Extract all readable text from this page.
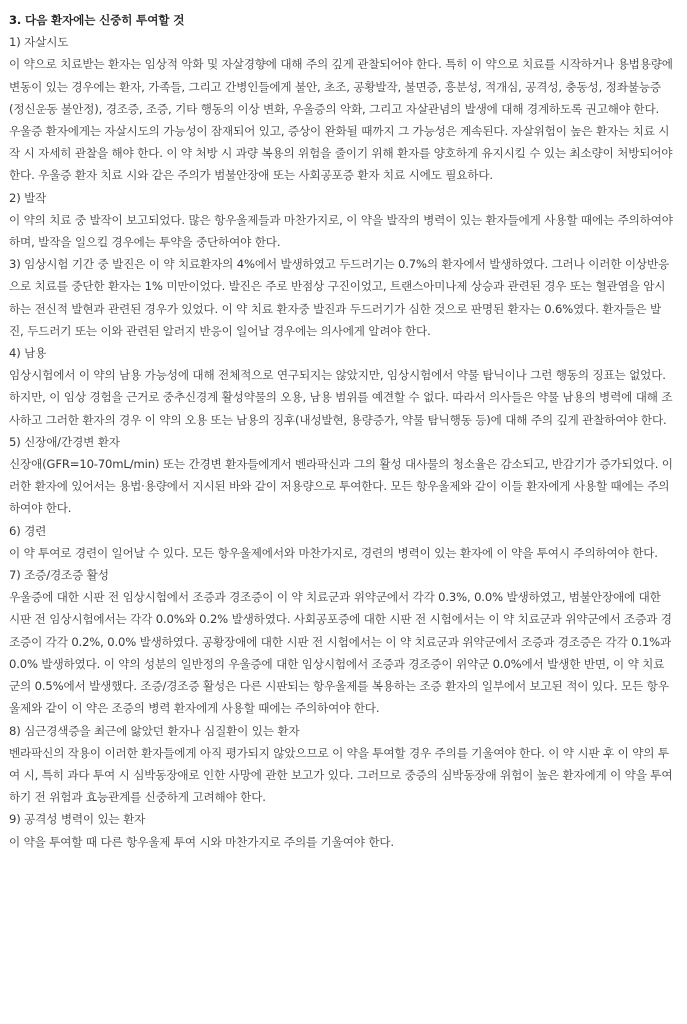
3. 다음 환자에는 신중히 투여할 것

1) 자살시도

이 약으로 치료받는 환자는 임상적 악화 및 자살경향에 대해 주의 깊게 관찰되어야 한다. 특히 이 약으로 치료를 시작하거나 용법용량에 변동이 있는 경우에는 환자, 가족들, 그리고 간병인들에게 불안, 초조, 공황발작, 불면증, 흥분성, 적개심, 공격성, 충동성, 정좌불능증(정신운동 불안정), 경조증, 조증, 기타 행동의 이상 변화, 우울증의 악화, 그리고 자살관념의 발생에 대해 경계하도록 권고해야 한다. 우울증 환자에게는 자살시도의 가능성이 잠재되어 있고, 증상이 완화될 때까지 그 가능성은 계속된다. 자살위험이 높은 환자는 치료 시작 시 자세히 관찰을 해야 한다. 이 약 처방 시 과량 복용의 위험을 줄이기 위해 환자를 양호하게 유지시킬 수 있는 최소량이 처방되어야 한다. 우울증 환자 치료 시와 같은 주의가 범불안장애 또는 사회공포증 환자 치료 시에도 필요하다.

2) 발작

이 약의 치료 중 발작이 보고되었다. 많은 항우울제들과 마찬가지로, 이 약을 발작의 병력이 있는 환자들에게 사용할 때에는 주의하여야 하며, 발작을 일으킬 경우에는 투약을 중단하여야 한다.

3) 임상시험 기간 중 발진은 이 약 치료환자의 4%에서 발생하였고 두드러기는 0.7%의 환자에서 발생하였다. 그러나 이러한 이상반응으로 치료를 중단한 환자는 1% 미만이었다. 발진은 주로 반점상 구진이었고, 트랜스아미나제 상승과 관련된 경우 또는 혈관염을 암시하는 전신적 발현과 관련된 경우가 있었다. 이 약 치료 환자중 발진과 두드러기가 심한 것으로 판명된 환자는 0.6%였다. 환자들은 발진, 두드러기 또는 이와 관련된 알러지 반응이 일어날 경우에는 의사에게 알려야 한다.

4) 남용

임상시험에서 이 약의 남용 가능성에 대해 전체적으로 연구되지는 않았지만, 임상시험에서 약물 탐닉이나 그런 행동의 징표는 없었다. 하지만, 이 임상 경험을 근거로 중추신경계 활성약물의 오용, 남용 범위를 예견할 수 없다. 따라서 의사들은 약물 남용의 병력에 대해 조사하고 그러한 환자의 경우 이 약의 오용 또는 남용의 징후(내성발현, 용량증가, 약물 탐닉행동 등)에 대해 주의 깊게 관찰하여야 한다.

5) 신장애/간경변 환자

신장애(GFR=10-70mL/min) 또는 간경변 환자들에게서 벤라팍신과 그의 활성 대사물의 청소율은 감소되고, 반감기가 증가되었다. 이러한 환자에 있어서는 용법·용량에서 지시된 바와 같이 저용량으로 투여한다. 모든 항우울제와 같이 이들 환자에게 사용할 때에는 주의하여야 한다.

6) 경련

이 약 투여로 경련이 일어날 수 있다. 모든 항우울제에서와 마찬가지로, 경련의 병력이 있는 환자에 이 약을 투여시 주의하여야 한다.

7) 조증/경조증 활성

우울증에 대한 시판 전 임상시험에서 조증과 경조증이 이 약 치료군과 위약군에서 각각 0.3%, 0.0% 발생하였고, 범불안장애에 대한 시판 전 임상시험에서는 각각 0.0%와 0.2% 발생하였다. 사회공포증에 대한 시판 전 시험에서는 이 약 치료군과 위약군에서 조증과 경조증이 각각 0.2%, 0.0% 발생하였다. 공황장애에 대한 시판 전 시험에서는 이 약 치료군과 위약군에서 조증과 경조증은 각각 0.1%과 0.0% 발생하였다. 이 약의 성분의 일반정의 우울증에 대한 임상시험에서 조증과 경조증이 위약군 0.0%에서 발생한 반면, 이 약 치료군의 0.5%에서 발생했다. 조증/경조증 활성은 다른 시판되는 항우울제를 복용하는 조증 환자의 일부에서 보고된 적이 있다. 모든 항우울제와 같이 이 약은 조증의 병력 환자에게 사용할 때에는 주의하여야 한다.

8) 심근경색증을 최근에 앓았던 환자나 심질환이 있는 환자

벤라팍신의 작용이 이러한 환자들에게 아직 평가되지 않았으므로 이 약을 투여할 경우 주의를 기울여야 한다. 이 약 시판 후 이 약의 투여 시, 특히 과다 투여 시 심박동장애로 인한 사망에 관한 보고가 있다. 그러므로 중증의 심박동장애 위험이 높은 환자에게 이 약을 투여하기 전 위험과 효능관계를 신중하게 고려해야 한다.

9) 공격성 병력이 있는 환자

이 약을 투여할 때 다른 항우울제 투여 시와 마찬가지로 주의를 기울여야 한다.
